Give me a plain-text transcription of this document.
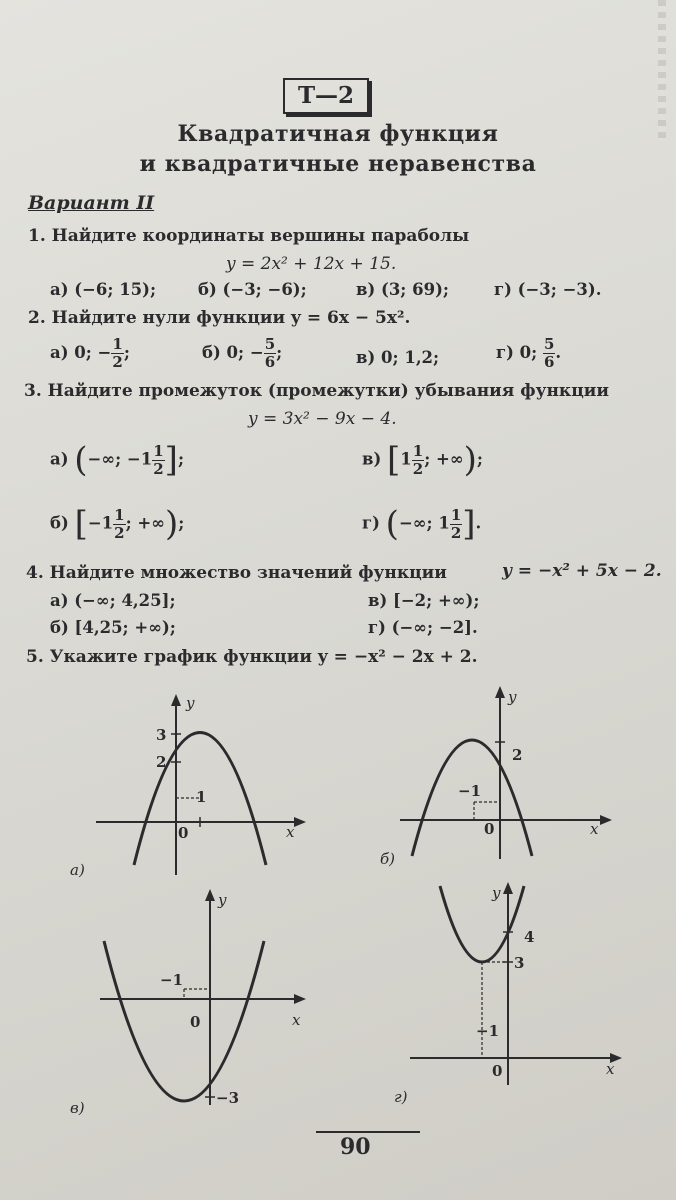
Т—2
Квадратичная функция
и квадратичные неравенства
Вариант II
1. Найдите координаты вершины параболы
y = 2x² + 12x + 15.
а) (−6; 15);	б) (−3; −6);	в) (3; 69);	г) (−3; −3).
2. Найдите нули функции y = 6x − 5x².
а) 0; − $\frac{1}{2}$ ;	б) 0; − $\frac{5}{6}$ ;	в) 0; 1,2;	г) 0; $\frac{5}{6}$ .
3. Найдите промежуток (промежутки) убывания функции
y = 3x² − 9x − 4.
а) (−∞; $-1 \frac{1}{2}$ ];	в) [$1 \frac{1}{2}$ ; +∞);
б) [$-1 \frac{1}{2}$ ; +∞);	г) (−∞; $1 \frac{1}{2}$ ].
4. Найдите множество значений функции	y = −x² + 5x − 2.
а) (−∞; 4,25];
б) [4,25; +∞);
в) [−2; +∞);
г) (−∞; −2].
5. Укажите график функции y = −x² − 2x + 2.
y
x
0
3
2
1
а)
y
x
0
2
−1
б)
y
x
0
−1
−3
в)
y
x
0
4
3
−1
г)
90
